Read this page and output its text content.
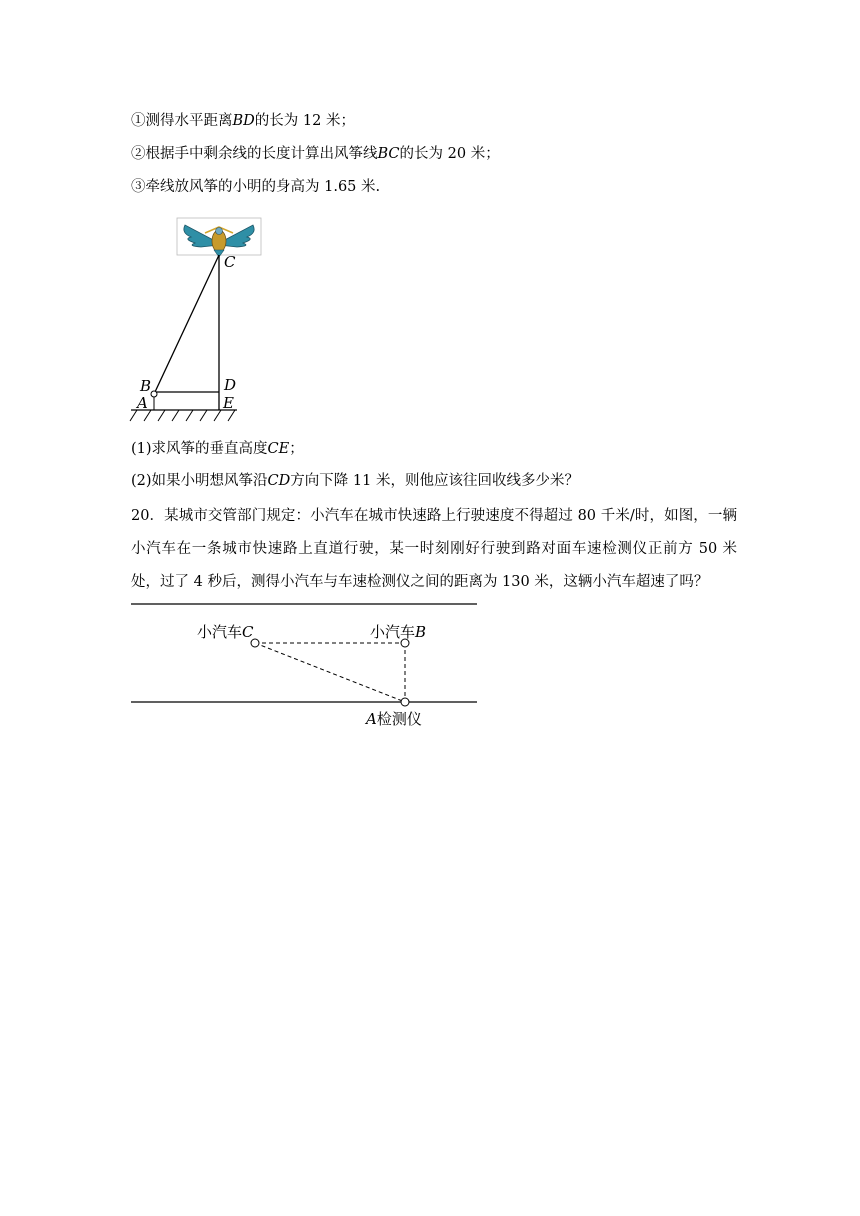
①测得水平距离BD的长为 12 米；
②根据手中剩余线的长度计算出风筝线BC的长为 20 米；
③牵线放风筝的小明的身高为 1.65 米.
C
B	D
A	E
(1)求风筝的垂直高度CE；
(2)如果小明想风筝沿CD方向下降 11 米，则他应该往回收线多少米？
20．某城市交管部门规定：小汽车在城市快速路上行驶速度不得超过 80 千米/时，如图，一辆小汽车在一条城市快速路上直道行驶，某一时刻刚好行驶到路对面车速检测仪正前方 50 米处，过了 4 秒后，测得小汽车与车速检测仪之间的距离为 130 米，这辆小汽车超速了吗？
小汽车C	小汽车B
A检测仪
